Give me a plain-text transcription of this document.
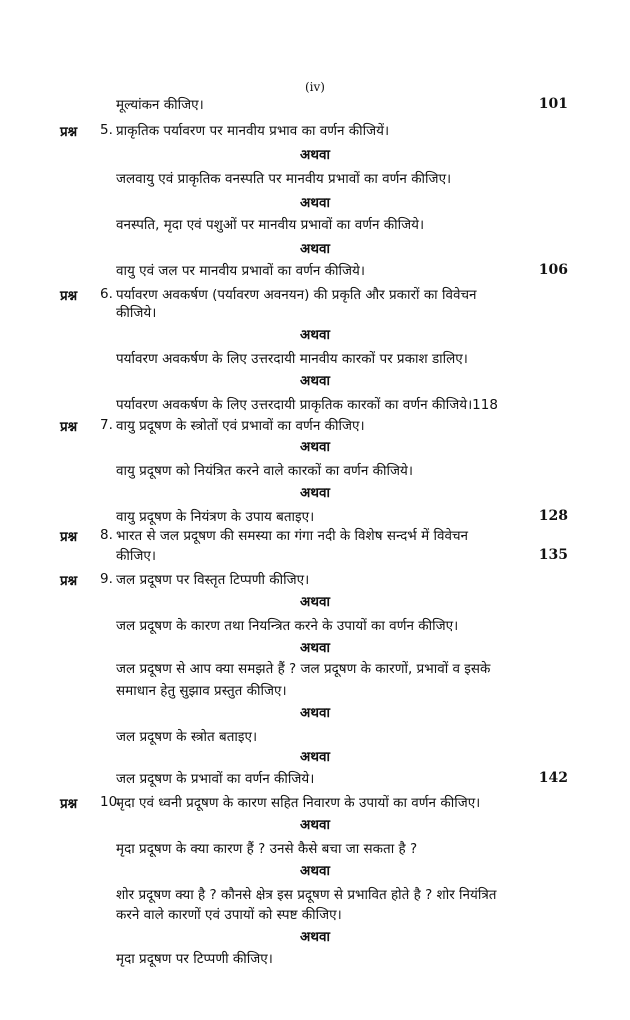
(iv)
मूल्यांकन कीजिए।	101
प्रश्न 5. प्राकृतिक पर्यावरण पर मानवीय प्रभाव का वर्णन कीजियें।
अथवा
जलवायु एवं प्राकृतिक वनस्पति पर मानवीय प्रभावों का वर्णन कीजिए।
अथवा
वनस्पति, मृदा एवं पशुओं पर मानवीय प्रभावों का वर्णन कीजिये।
अथवा
वायु एवं जल पर मानवीय प्रभावों का वर्णन कीजिये।	106
प्रश्न 6. पर्यावरण अवकर्षण (पर्यावरण अवनयन) की प्रकृति और प्रकारों का विवेचन
कीजिये।
अथवा
पर्यावरण अवकर्षण के लिए उत्तरदायी मानवीय कारकों पर प्रकाश डालिए।
अथवा
पर्यावरण अवकर्षण के लिए उत्तरदायी प्राकृतिक कारकों का वर्णन कीजिये।118
प्रश्न 7. वायु प्रदूषण के स्त्रोतों एवं प्रभावों का वर्णन कीजिए।
अथवा
वायु प्रदूषण को नियंत्रित करने वाले कारकों का वर्णन कीजिये।
अथवा
वायु प्रदूषण के नियंत्रण के उपाय बताइए।	128
प्रश्न 8. भारत से जल प्रदूषण की समस्या का गंगा नदी के विशेष सन्दर्भ में विवेचन
कीजिए।	135
प्रश्न 9. जल प्रदूषण पर विस्तृत टिप्पणी कीजिए।
अथवा
जल प्रदूषण के कारण तथा नियन्त्रित करने के उपायों का वर्णन कीजिए।
अथवा
जल प्रदूषण से आप क्या समझते हैं ? जल प्रदूषण के कारणों, प्रभावों व इसके
समाधान हेतु सुझाव प्रस्तुत कीजिए।
अथवा
जल प्रदूषण के स्त्रोत बताइए।
अथवा
जल प्रदूषण के प्रभावों का वर्णन कीजिये।	142
प्रश्न 10.
मृदा एवं ध्वनी प्रदूषण के कारण सहित निवारण के उपायों का वर्णन कीजिए।
अथवा
मृदा प्रदूषण के क्या कारण हैं ? उनसे कैसे बचा जा सकता है ?
अथवा
शोर प्रदूषण क्या है ? कौनसे क्षेत्र इस प्रदूषण से प्रभावित होते है ? शोर नियंत्रित
करने वाले कारणों एवं उपायों को स्पष्ट कीजिए।
अथवा
मृदा प्रदूषण पर टिप्पणी कीजिए।
